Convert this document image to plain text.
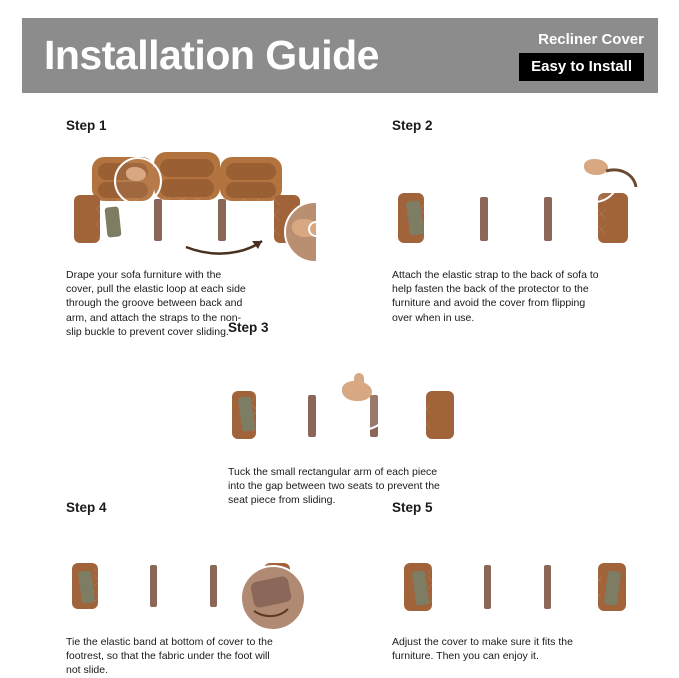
Installation Guide	Recliner Cover
Easy to Install
Step 1
Drape your sofa furniture with the cover, pull the elastic loop at each side through the groove between back and arm, and attach the straps to the non-slip buckle to prevent cover sliding.
Step 2
Attach the elastic strap to the back of sofa to help fasten the back of the protector to the furniture and avoid the cover from flipping over when in use.
Step 3
Tuck the small rectangular arm of each piece into the gap between two seats to prevent the seat piece from sliding.
Step 4
Tie the elastic band at bottom of cover to the footrest, so that the fabric under the foot will not slide.
Step 5
Adjust the cover to make sure it fits the furniture. Then you can enjoy it.
